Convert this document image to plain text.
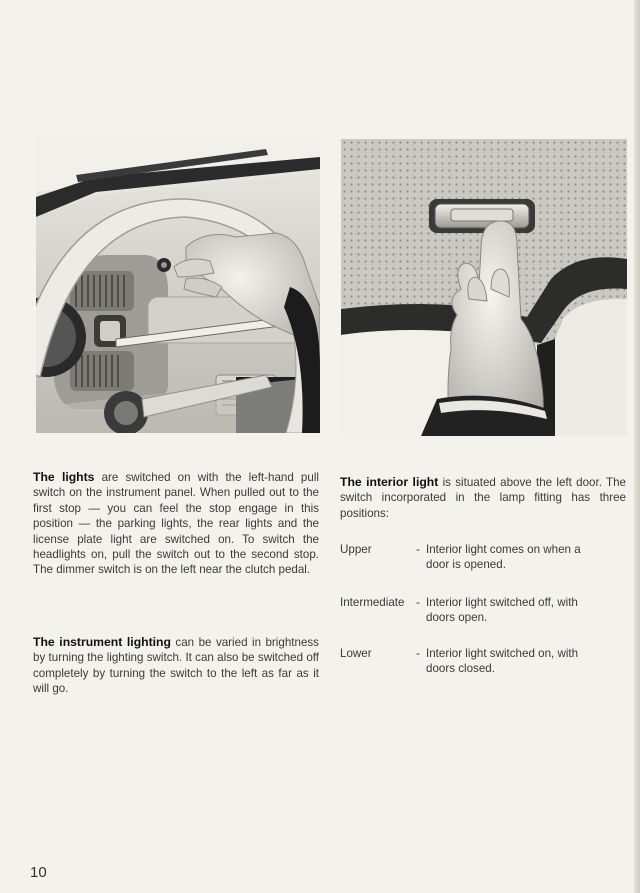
The lights are switched on with the left-hand pull switch on the instrument panel. When pulled out to the first stop — you can feel the stop engage in this position — the parking lights, the rear lights and the license plate light are switched on. To switch the headlights on, pull the switch out to the second stop. The dimmer switch is on the left near the clutch pedal.
The instrument lighting can be varied in brightness by turning the lighting switch. It can also be switched off completely by turning the switch to the left as far as it will go.
The interior light is situated above the left door. The switch incorporated in the lamp fitting has three positions:
Upper	- Interior light comes on when a
door is opened.
Intermediate - Interior light switched off, with
doors open.
Lower	- Interior light switched on, with
doors closed.
10
